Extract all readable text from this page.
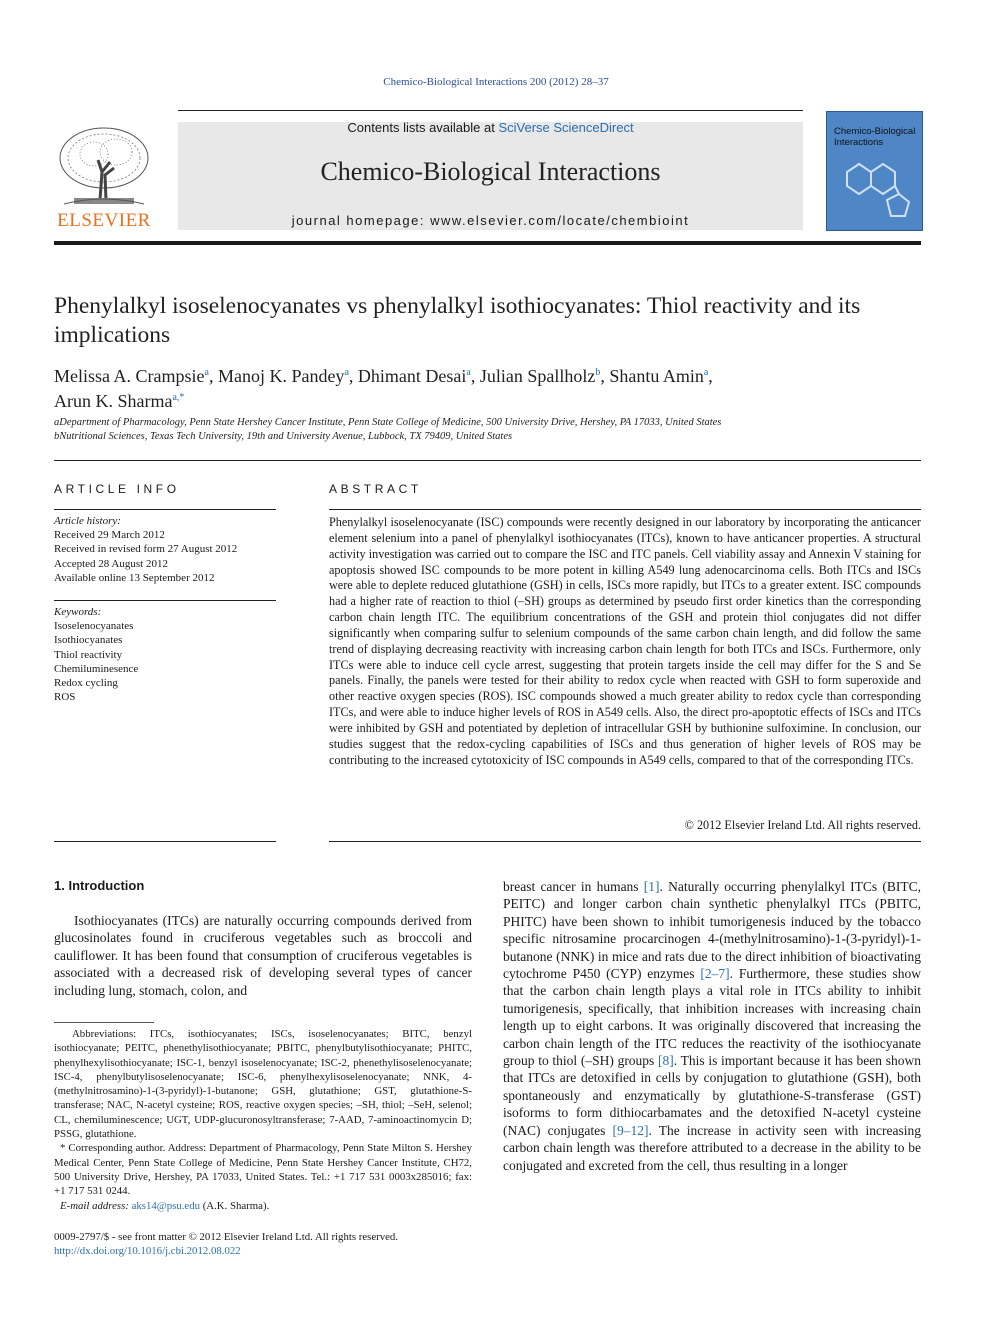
Chemico-Biological Interactions 200 (2012) 28–37
ELSEVIER
Contents lists available at SciVerse ScienceDirect
Chemico-Biological Interactions
journal homepage: www.elsevier.com/locate/chembioint
Chemico-Biological Interactions
Phenylalkyl isoselenocyanates vs phenylalkyl isothiocyanates: Thiol reactivity and its implications
Melissa A. Crampsie$^a$, Manoj K. Pandey$^a$, Dhimant Desai$^a$, Julian Spallholz$^b$, Shantu Amin$^a$,
Arun K. Sharma$^{a,*}$
aDepartment of Pharmacology, Penn State Hershey Cancer Institute, Penn State College of Medicine, 500 University Drive, Hershey, PA 17033, United States
bNutritional Sciences, Texas Tech University, 19th and University Avenue, Lubbock, TX 79409, United States
ARTICLE INFO
Article history:
Received 29 March 2012
Received in revised form 27 August 2012
Accepted 28 August 2012
Available online 13 September 2012
Keywords:
Isoselenocyanates
Isothiocyanates
Thiol reactivity
Chemiluminesence
Redox cycling
ROS
ABSTRACT
Phenylalkyl isoselenocyanate (ISC) compounds were recently designed in our laboratory by incorporating the anticancer element selenium into a panel of phenylalkyl isothiocyanates (ITCs), known to have anticancer properties. A structural activity investigation was carried out to compare the ISC and ITC panels. Cell viability assay and Annexin V staining for apoptosis showed ISC compounds to be more potent in killing A549 lung adenocarcinoma cells. Both ITCs and ISCs were able to deplete reduced glutathione (GSH) in cells, ISCs more rapidly, but ITCs to a greater extent. ISC compounds had a higher rate of reaction to thiol (–SH) groups as determined by pseudo first order kinetics than the corresponding carbon chain length ITC. The equilibrium concentrations of the GSH and protein thiol conjugates did not differ significantly when comparing sulfur to selenium compounds of the same carbon chain length, and did follow the same trend of displaying decreasing reactivity with increasing carbon chain length for both ITCs and ISCs. Furthermore, only ITCs were able to induce cell cycle arrest, suggesting that protein targets inside the cell may differ for the S and Se panels. Finally, the panels were tested for their ability to redox cycle when reacted with GSH to form superoxide and other reactive oxygen species (ROS). ISC compounds showed a much greater ability to redox cycle than corresponding ITCs, and were able to induce higher levels of ROS in A549 cells. Also, the direct pro-apoptotic effects of ISCs and ITCs were inhibited by GSH and potentiated by depletion of intracellular GSH by buthionine sulfoximine. In conclusion, our studies suggest that the redox-cycling capabilities of ISCs and thus generation of higher levels of ROS may be contributing to the increased cytotoxicity of ISC compounds in A549 cells, compared to that of the corresponding ITCs.
© 2012 Elsevier Ireland Ltd. All rights reserved.
1. Introduction
Isothiocyanates (ITCs) are naturally occurring compounds derived from glucosinolates found in cruciferous vegetables such as broccoli and cauliflower. It has been found that consumption of cruciferous vegetables is associated with a decreased risk of developing several types of cancer including lung, stomach, colon, and
breast cancer in humans [1]. Naturally occurring phenylalkyl ITCs (BITC, PEITC) and longer carbon chain synthetic phenylalkyl ITCs (PBITC, PHITC) have been shown to inhibit tumorigenesis induced by the tobacco specific nitrosamine procarcinogen 4-(methylnitrosamino)-1-(3-pyridyl)-1-butanone (NNK) in mice and rats due to the direct inhibition of bioactivating cytochrome P450 (CYP) enzymes [2–7]. Furthermore, these studies show that the carbon chain length plays a vital role in ITCs ability to inhibit tumorigenesis, specifically, that inhibition increases with increasing chain length up to eight carbons. It was originally discovered that increasing the carbon chain length of the ITC reduces the reactivity of the isothiocyanate group to thiol (–SH) groups [8]. This is important because it has been shown that ITCs are detoxified in cells by conjugation to glutathione (GSH), both spontaneously and enzymatically by glutathione-S-transferase (GST) isoforms to form dithiocarbamates and the detoxified N-acetyl cysteine (NAC) conjugates [9–12]. The increase in activity seen with increasing carbon chain length was therefore attributed to a decrease in the ability to be conjugated and excreted from the cell, thus resulting in a longer
Abbreviations: ITCs, isothiocyanates; ISCs, isoselenocyanates; BITC, benzyl isothiocyanate; PEITC, phenethylisothiocyanate; PBITC, phenylbutylisothiocyanate; PHITC, phenylhexylisothiocyanate; ISC-1, benzyl isoselenocyanate; ISC-2, phenethylisoselenocyanate; ISC-4, phenylbutylisoselenocyanate; ISC-6, phenylhexylisoselenocyanate; NNK, 4-(methylnitrosamino)-1-(3-pyridyl)-1-butanone; GSH, glutathione; GST, glutathione-S-transferase; NAC, N-acetyl cysteine; ROS, reactive oxygen species; –SH, thiol; –SeH, selenol; CL, chemiluminescence; UGT, UDP-glucuronosyltransferase; 7-AAD, 7-aminoactinomycin D; PSSG, glutathione.
* Corresponding author. Address: Department of Pharmacology, Penn State Milton S. Hershey Medical Center, Penn State College of Medicine, Penn State Hershey Cancer Institute, CH72, 500 University Drive, Hershey, PA 17033, United States. Tel.: +1 717 531 0003x285016; fax: +1 717 531 0244.
E-mail address: aks14@psu.edu (A.K. Sharma).
0009-2797/$ - see front matter © 2012 Elsevier Ireland Ltd. All rights reserved.
http://dx.doi.org/10.1016/j.cbi.2012.08.022
